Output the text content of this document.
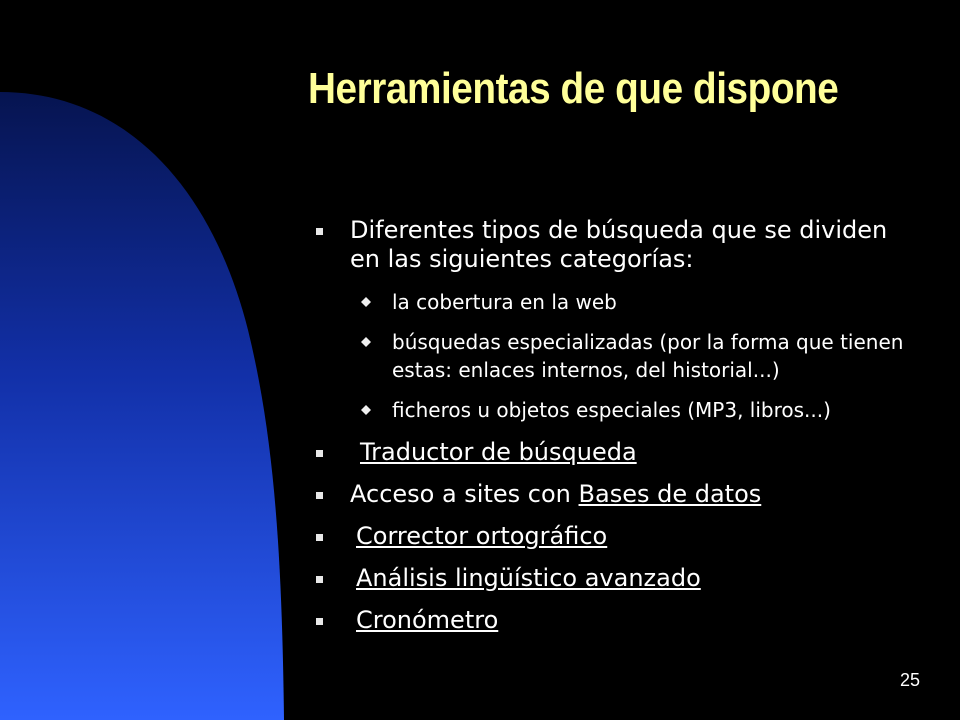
Herramientas de que dispone
Diferentes tipos de búsqueda que se dividen en las siguientes categorías:
la cobertura en la web
búsquedas especializadas (por la forma que tienen estas: enlaces internos, del historial...)
ficheros u objetos especiales (MP3, libros...)
Traductor de búsqueda
Acceso a sites con Bases de datos
Corrector ortográfico
Análisis lingüístico avanzado
Cronómetro
25
